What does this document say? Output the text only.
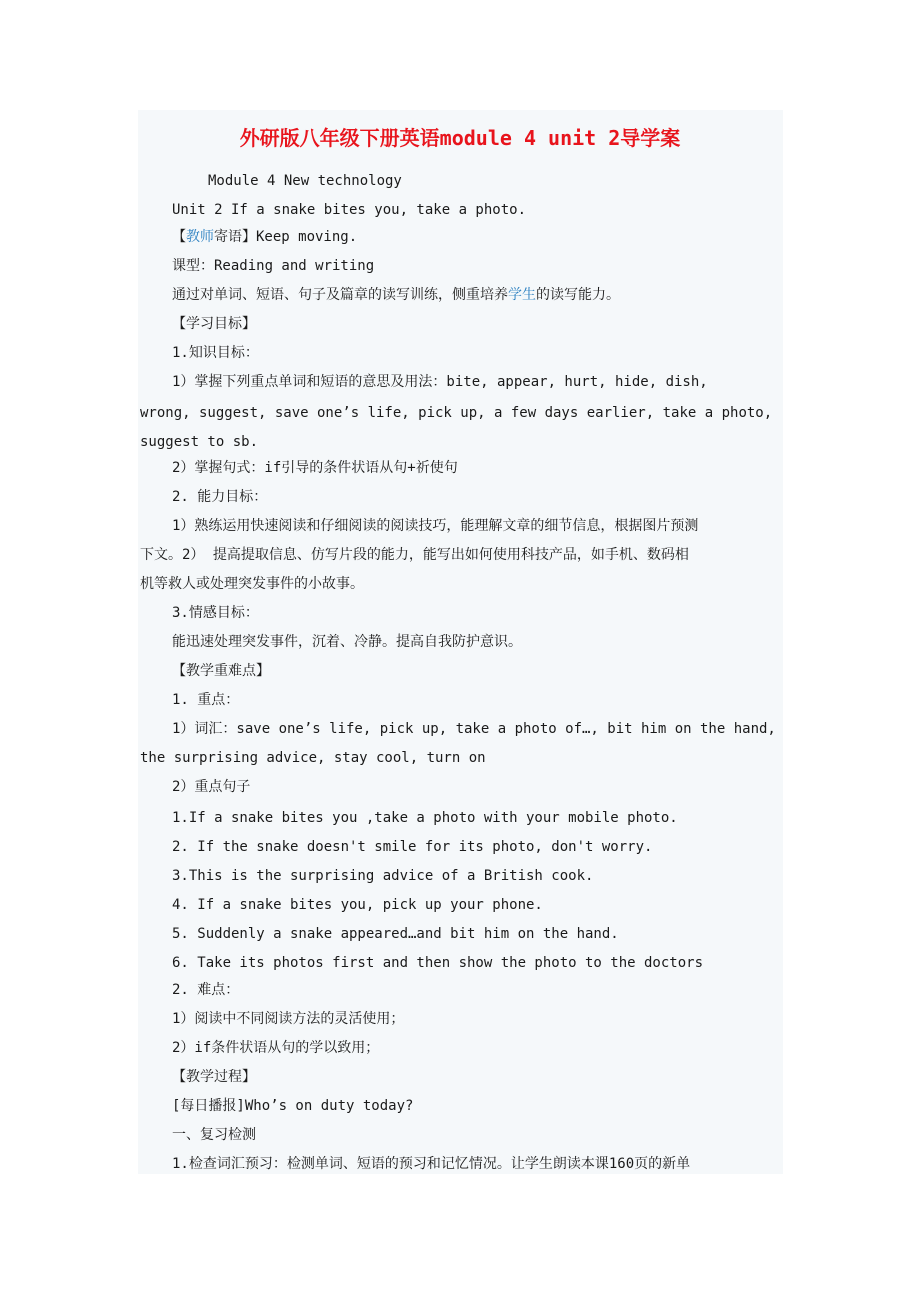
外研版八年级下册英语module 4 unit 2导学案
Module 4 New technology
Unit 2 If a snake bites you, take a photo.
【教师寄语】Keep moving.
课型：Reading and writing
通过对单词、短语、句子及篇章的读写训练，侧重培养学生的读写能力。
【学习目标】
1.知识目标：
1）掌握下列重点单词和短语的意思及用法：bite, appear, hurt, hide, dish,
wrong, suggest, save one’s life, pick up, a few days earlier, take a photo,
suggest to sb.
2）掌握句式：if引导的条件状语从句+祈使句
2. 能力目标：
1）熟练运用快速阅读和仔细阅读的阅读技巧，能理解文章的细节信息，根据图片预测
下文。2） 提高提取信息、仿写片段的能力，能写出如何使用科技产品，如手机、数码相
机等救人或处理突发事件的小故事。
3.情感目标：
能迅速处理突发事件，沉着、冷静。提高自我防护意识。
【教学重难点】
1. 重点：
1）词汇：save one’s life, pick up, take a photo of…, bit him on the hand,
the surprising advice, stay cool, turn on
2）重点句子
1.If a snake bites you ,take a photo with your mobile photo.
2. If the snake doesn't smile for its photo, don't worry.
3.This is the surprising advice of a British cook.
4. If a snake bites you, pick up your phone.
5. Suddenly a snake appeared…and bit him on the hand.
6. Take its photos first and then show the photo to the doctors
2. 难点：
1）阅读中不同阅读方法的灵活使用；
2）if条件状语从句的学以致用；
【教学过程】
[每日播报]Who’s on duty today?
一、复习检测
1.检查词汇预习：检测单词、短语的预习和记忆情况。让学生朗读本课160页的新单
